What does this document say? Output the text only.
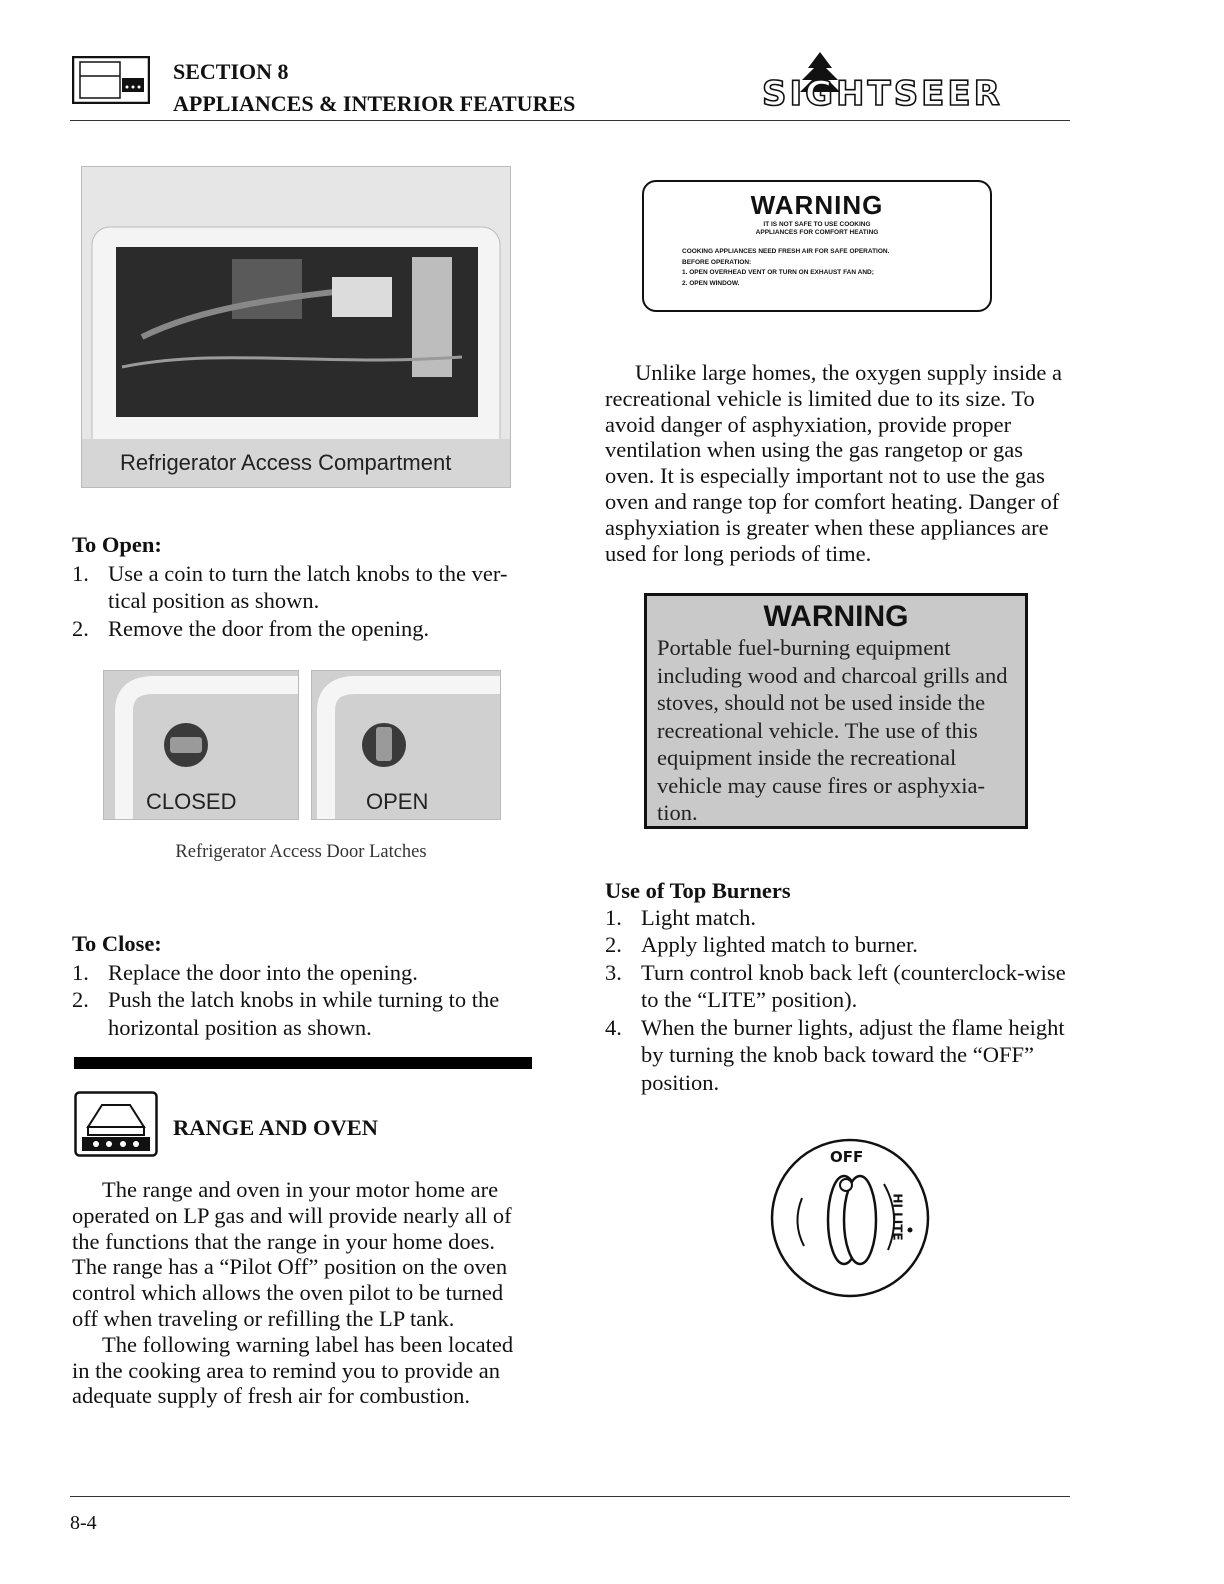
SECTION 8
APPLIANCES & INTERIOR FEATURES	SIGHTSEER
Refrigerator Access Compartment
To Open:
1. Use a coin to turn the latch knobs to the ver-tical position as shown.
2. Remove the door from the opening.
CLOSED	OPEN
Refrigerator Access Door Latches
To Close:
1. Replace the door into the opening.
2. Push the latch knobs in while turning to the horizontal position as shown.
RANGE AND OVEN

The range and oven in your motor home are operated on LP gas and will provide nearly all of the functions that the range in your home does. The range has a “Pilot Off” position on the oven control which allows the oven pilot to be turned off when traveling or refilling the LP tank.

The following warning label has been located in the cooking area to remind you to provide an adequate supply of fresh air for combustion.

WARNING
IT IS NOT SAFE TO USE COOKING
APPLIANCES FOR COMFORT HEATING
COOKING APPLIANCES NEED FRESH AIR FOR SAFE OPERATION.
BEFORE OPERATION:
1. OPEN OVERHEAD VENT OR TURN ON EXHAUST FAN AND;
2. OPEN WINDOW.

Unlike large homes, the oxygen supply inside a recreational vehicle is limited due to its size. To avoid danger of asphyxiation, provide proper ventilation when using the gas rangetop or gas oven. It is especially important not to use the gas oven and range top for comfort heating. Danger of asphyxiation is greater when these appliances are used for long periods of time.

WARNING
Portable fuel-burning equipment including wood and charcoal grills and stoves, should not be used inside the recreational vehicle. The use of this equipment inside the recreational vehicle may cause fires or asphyxia-tion.
Use of Top Burners
1. Light match.
2. Apply lighted match to burner.
3. Turn control knob back left (counterclock-wise to the “LITE” position).
4. When the burner lights, adjust the flame height by turning the knob back toward the “OFF” position.
OFF
HI LITE
8-4
